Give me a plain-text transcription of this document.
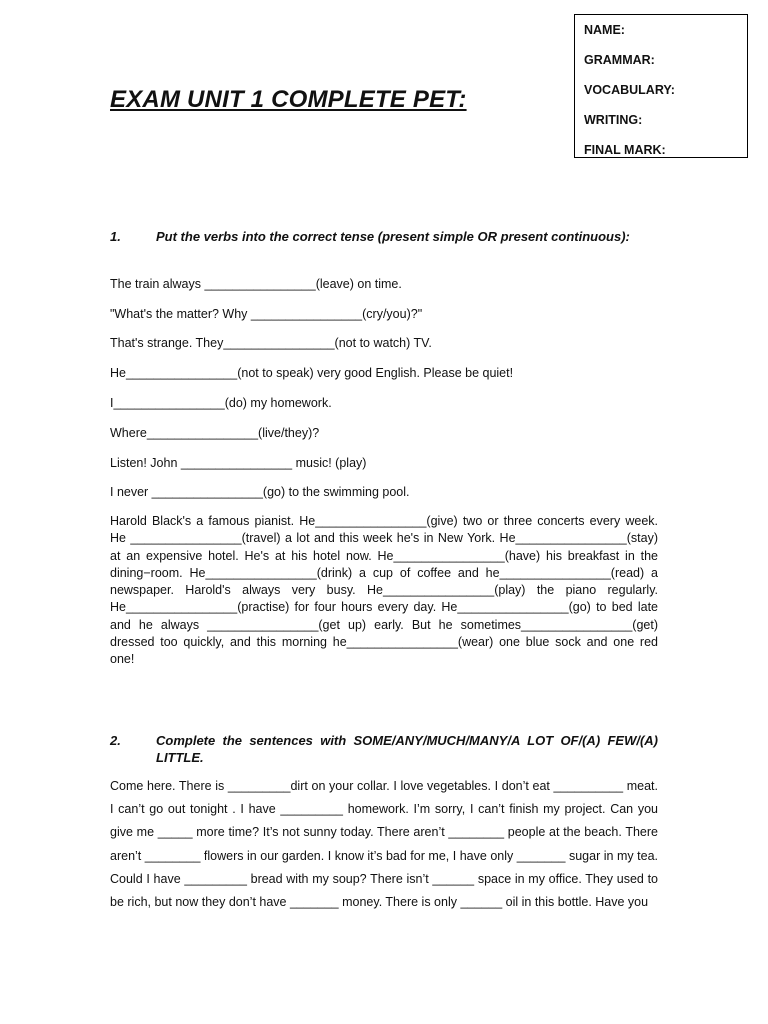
NAME:
GRAMMAR:
VOCABULARY:
WRITING:
FINAL MARK:
EXAM UNIT 1 COMPLETE PET:
1.	Put the verbs into the correct tense (present simple OR present continuous):

The train always ________________(leave) on time.

"What's the matter? Why ________________(cry/you)?"

That's strange. They________________(not to watch) TV.

He________________(not to speak) very good English. Please be quiet!

I________________(do) my homework.

Where________________(live/they)?

Listen! John ________________ music! (play)

I never ________________(go) to the swimming pool.

Harold Black's a famous pianist. He________________(give) two or three concerts every week. He ________________(travel) a lot and this week he's in New York. He________________(stay) at an expensive hotel. He's at his hotel now. He________________(have) his breakfast in the dining−room. He________________(drink) a cup of coffee and he________________(read) a newspaper. Harold's always very busy. He________________(play) the piano regularly. He________________(practise) for four hours every day. He________________(go) to bed late and he always ________________(get up) early. But he sometimes________________(get) dressed too quickly, and this morning he________________(wear) one blue sock and one red one!

2.	Complete the sentences with SOME/ANY/MUCH/MANY/A LOT OF/(A) FEW/(A) LITTLE.

Come here. There is _________dirt on your collar. I love vegetables. I don’t eat __________ meat. I can’t go out tonight . I have _________ homework. I’m sorry, I can’t finish my project. Can you give me _____ more time? It’s not sunny today. There aren’t ________ people at the beach. There aren’t ________ flowers in our garden. I know it’s bad for me, I have only _______ sugar in my tea. Could I have _________ bread with my soup? There isn’t ______ space in my office. They used to be rich, but now they don’t have _______ money. There is only ______ oil in this bottle. Have you
